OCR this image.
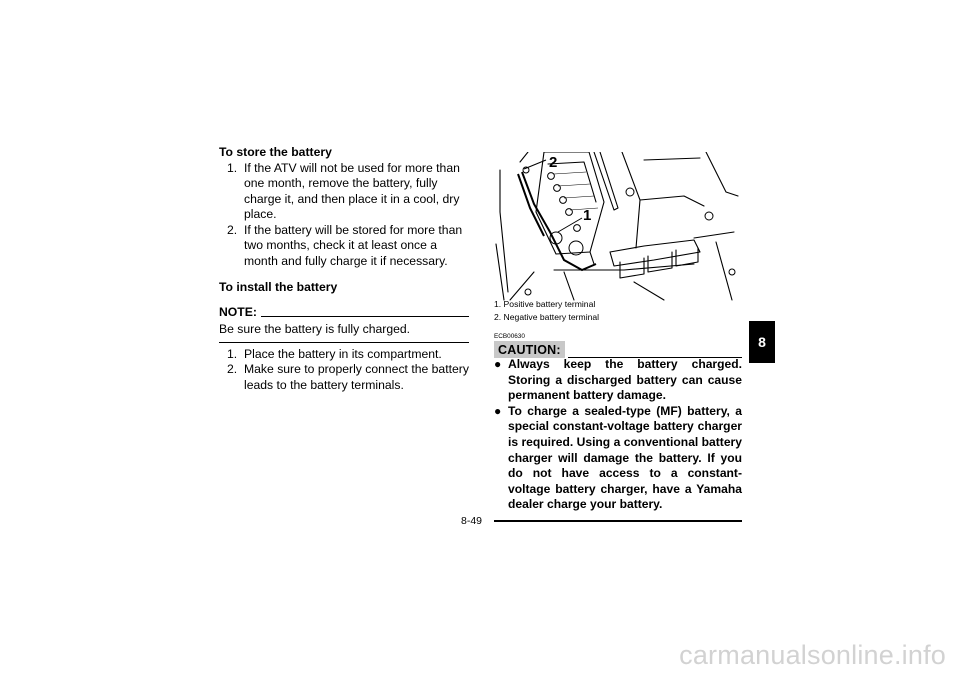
To store the battery

1. If the ATV will not be used for more than one month, remove the battery, fully charge it, and then place it in a cool, dry place.
2. If the battery will be stored for more than two months, check it at least once a month and fully charge it if necessary.

To install the battery

NOTE:
Be sure the battery is fully charged.
1. Place the battery in its compartment.
2. Make sure to properly connect the battery leads to the battery terminals.
2
1
1. Positive battery terminal
2. Negative battery terminal
ECB00630
CAUTION:
● Always keep the battery charged. Storing a discharged battery can cause permanent battery damage.
● To charge a sealed-type (MF) battery, a special constant-voltage battery charger is required. Using a conventional battery charger will damage the battery. If you do not have access to a constant-voltage battery charger, have a Yamaha dealer charge your battery.
8
8-49
carmanualsonline.info
